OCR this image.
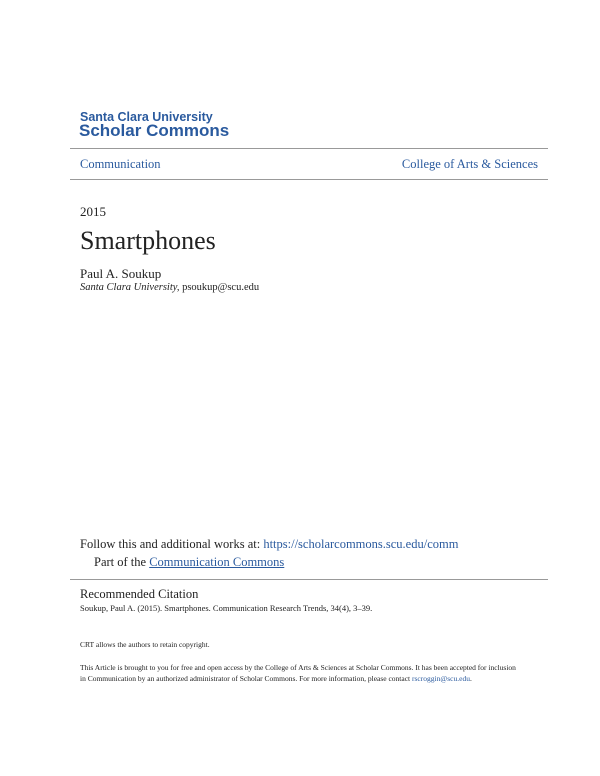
Santa Clara University
Scholar Commons
Communication	College of Arts & Sciences
2015
Smartphones
Paul A. Soukup
Santa Clara University, psoukup@scu.edu
Follow this and additional works at: https://scholarcommons.scu.edu/comm
Part of the Communication Commons
Recommended Citation
Soukup, Paul A. (2015). Smartphones. Communication Research Trends, 34(4), 3–39.
CRT allows the authors to retain copyright.
This Article is brought to you for free and open access by the College of Arts & Sciences at Scholar Commons. It has been accepted for inclusion in Communication by an authorized administrator of Scholar Commons. For more information, please contact rscroggin@scu.edu.
